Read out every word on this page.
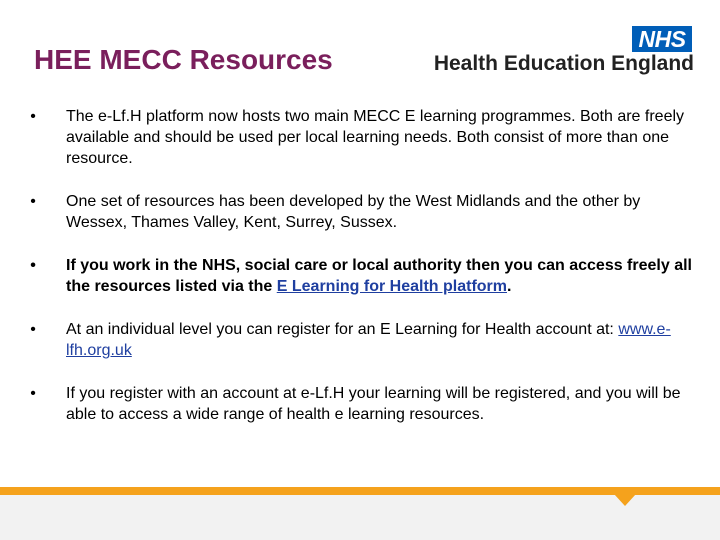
HEE MECC Resources
NHS
Health Education England
• The e-Lf.H platform now hosts two main MECC E learning programmes. Both are freely available and should be used per local learning needs. Both consist of more than one resource.
• One set of resources has been developed by the West Midlands and the other by Wessex, Thames Valley, Kent, Surrey, Sussex.
• If you work in the NHS, social care or local authority then you can access freely all the resources listed via the E Learning for Health platform.
• At an individual level you can register for an E Learning for Health account at: www.e-lfh.org.uk
• If you register with an account at e-Lf.H your learning will be registered, and you will be able to access a wide range of health e learning resources.
